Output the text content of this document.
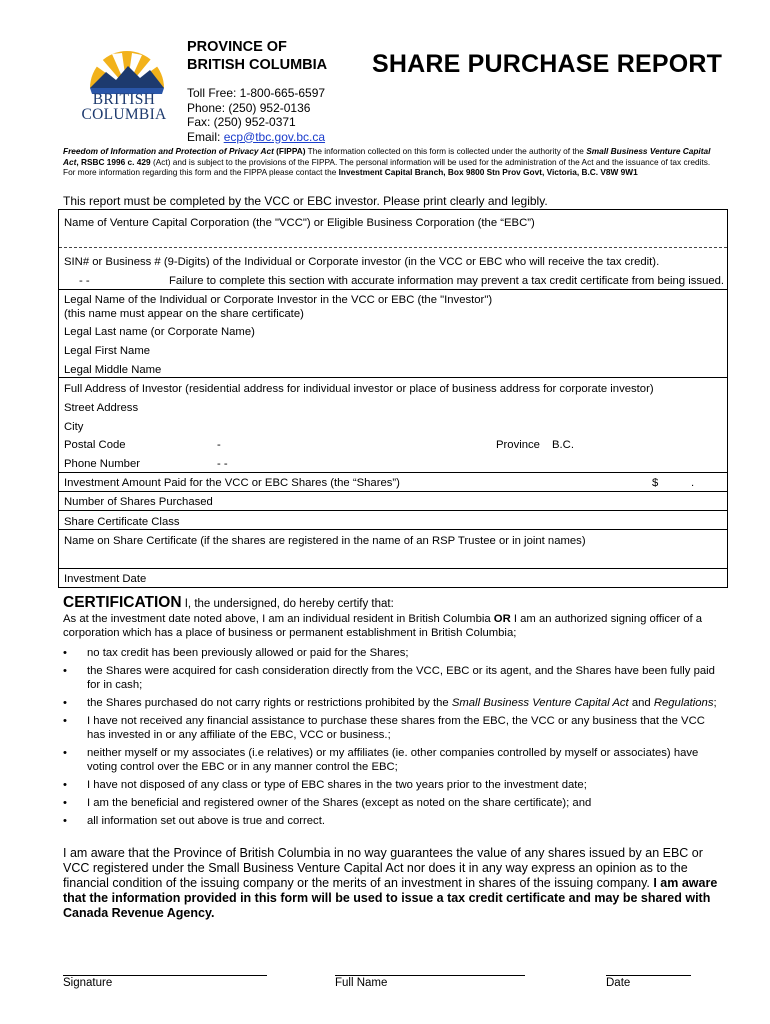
BRITISH
COLUMBIA
PROVINCE OF
BRITISH COLUMBIA SHARE PURCHASE REPORT
Toll Free: 1-800-665-6597
Phone: (250) 952-0136
Fax: (250) 952-0371
Email: ecp@tbc.gov.bc.ca
Freedom of Information and Protection of Privacy Act (FIPPA) The information collected on this form is collected under the authority of the Small Business Venture Capital Act, RSBC 1996 c. 429 (Act) and is subject to the provisions of the FIPPA. The personal information will be used for the administration of the Act and the issuance of tax credits. For more information regarding this form and the FIPPA please contact the Investment Capital Branch, Box 9800 Stn Prov Govt, Victoria, B.C. V8W 9W1
This report must be completed by the VCC or EBC investor. Please print clearly and legibly.
Name of Venture Capital Corporation (the "VCC") or Eligible Business Corporation (the “EBC”)
SIN# or Business # (9-Digits) of the Individual or Corporate investor (in the VCC or EBC who will receive the tax credit).
- -	Failure to complete this section with accurate information may prevent a tax credit certificate from being issued.
Legal Name of the Individual or Corporate Investor in the VCC or EBC (the "Investor")
(this name must appear on the share certificate)
Legal Last name (or Corporate Name)
Legal First Name
Legal Middle Name
Full Address of Investor (residential address for individual investor or place of business address for corporate investor)
Street Address
City
Postal Code	-	Province B.C.
Phone Number	- -
Investment Amount Paid for the VCC or EBC Shares (the “Shares”)	$	.
Number of Shares Purchased
Share Certificate Class
Name on Share Certificate (if the shares are registered in the name of an RSP Trustee or in joint names)
Investment Date
CERTIFICATION I, the undersigned, do hereby certify that:
As at the investment date noted above, I am an individual resident in British Columbia OR I am an authorized signing officer of a corporation which has a place of business or permanent establishment in British Columbia;
• no tax credit has been previously allowed or paid for the Shares;
• the Shares were acquired for cash consideration directly from the VCC, EBC or its agent, and the Shares have been fully paid for in cash;
• the Shares purchased do not carry rights or restrictions prohibited by the Small Business Venture Capital Act and Regulations;
• I have not received any financial assistance to purchase these shares from the EBC, the VCC or any business that the VCC has invested in or any affiliate of the EBC, VCC or business.;
• neither myself or my associates (i.e relatives) or my affiliates (ie. other companies controlled by myself or associates) have voting control over the EBC or in any manner control the EBC;
• I have not disposed of any class or type of EBC shares in the two years prior to the investment date;
• I am the beneficial and registered owner of the Shares (except as noted on the share certificate); and
• all information set out above is true and correct.
I am aware that the Province of British Columbia in no way guarantees the value of any shares issued by an EBC or VCC registered under the Small Business Venture Capital Act nor does it in any way express an opinion as to the financial condition of the issuing company or the merits of an investment in shares of the issuing company. I am aware that the information provided in this form will be used to issue a tax credit certificate and may be shared with Canada Revenue Agency.
Signature	Full Name	Date
